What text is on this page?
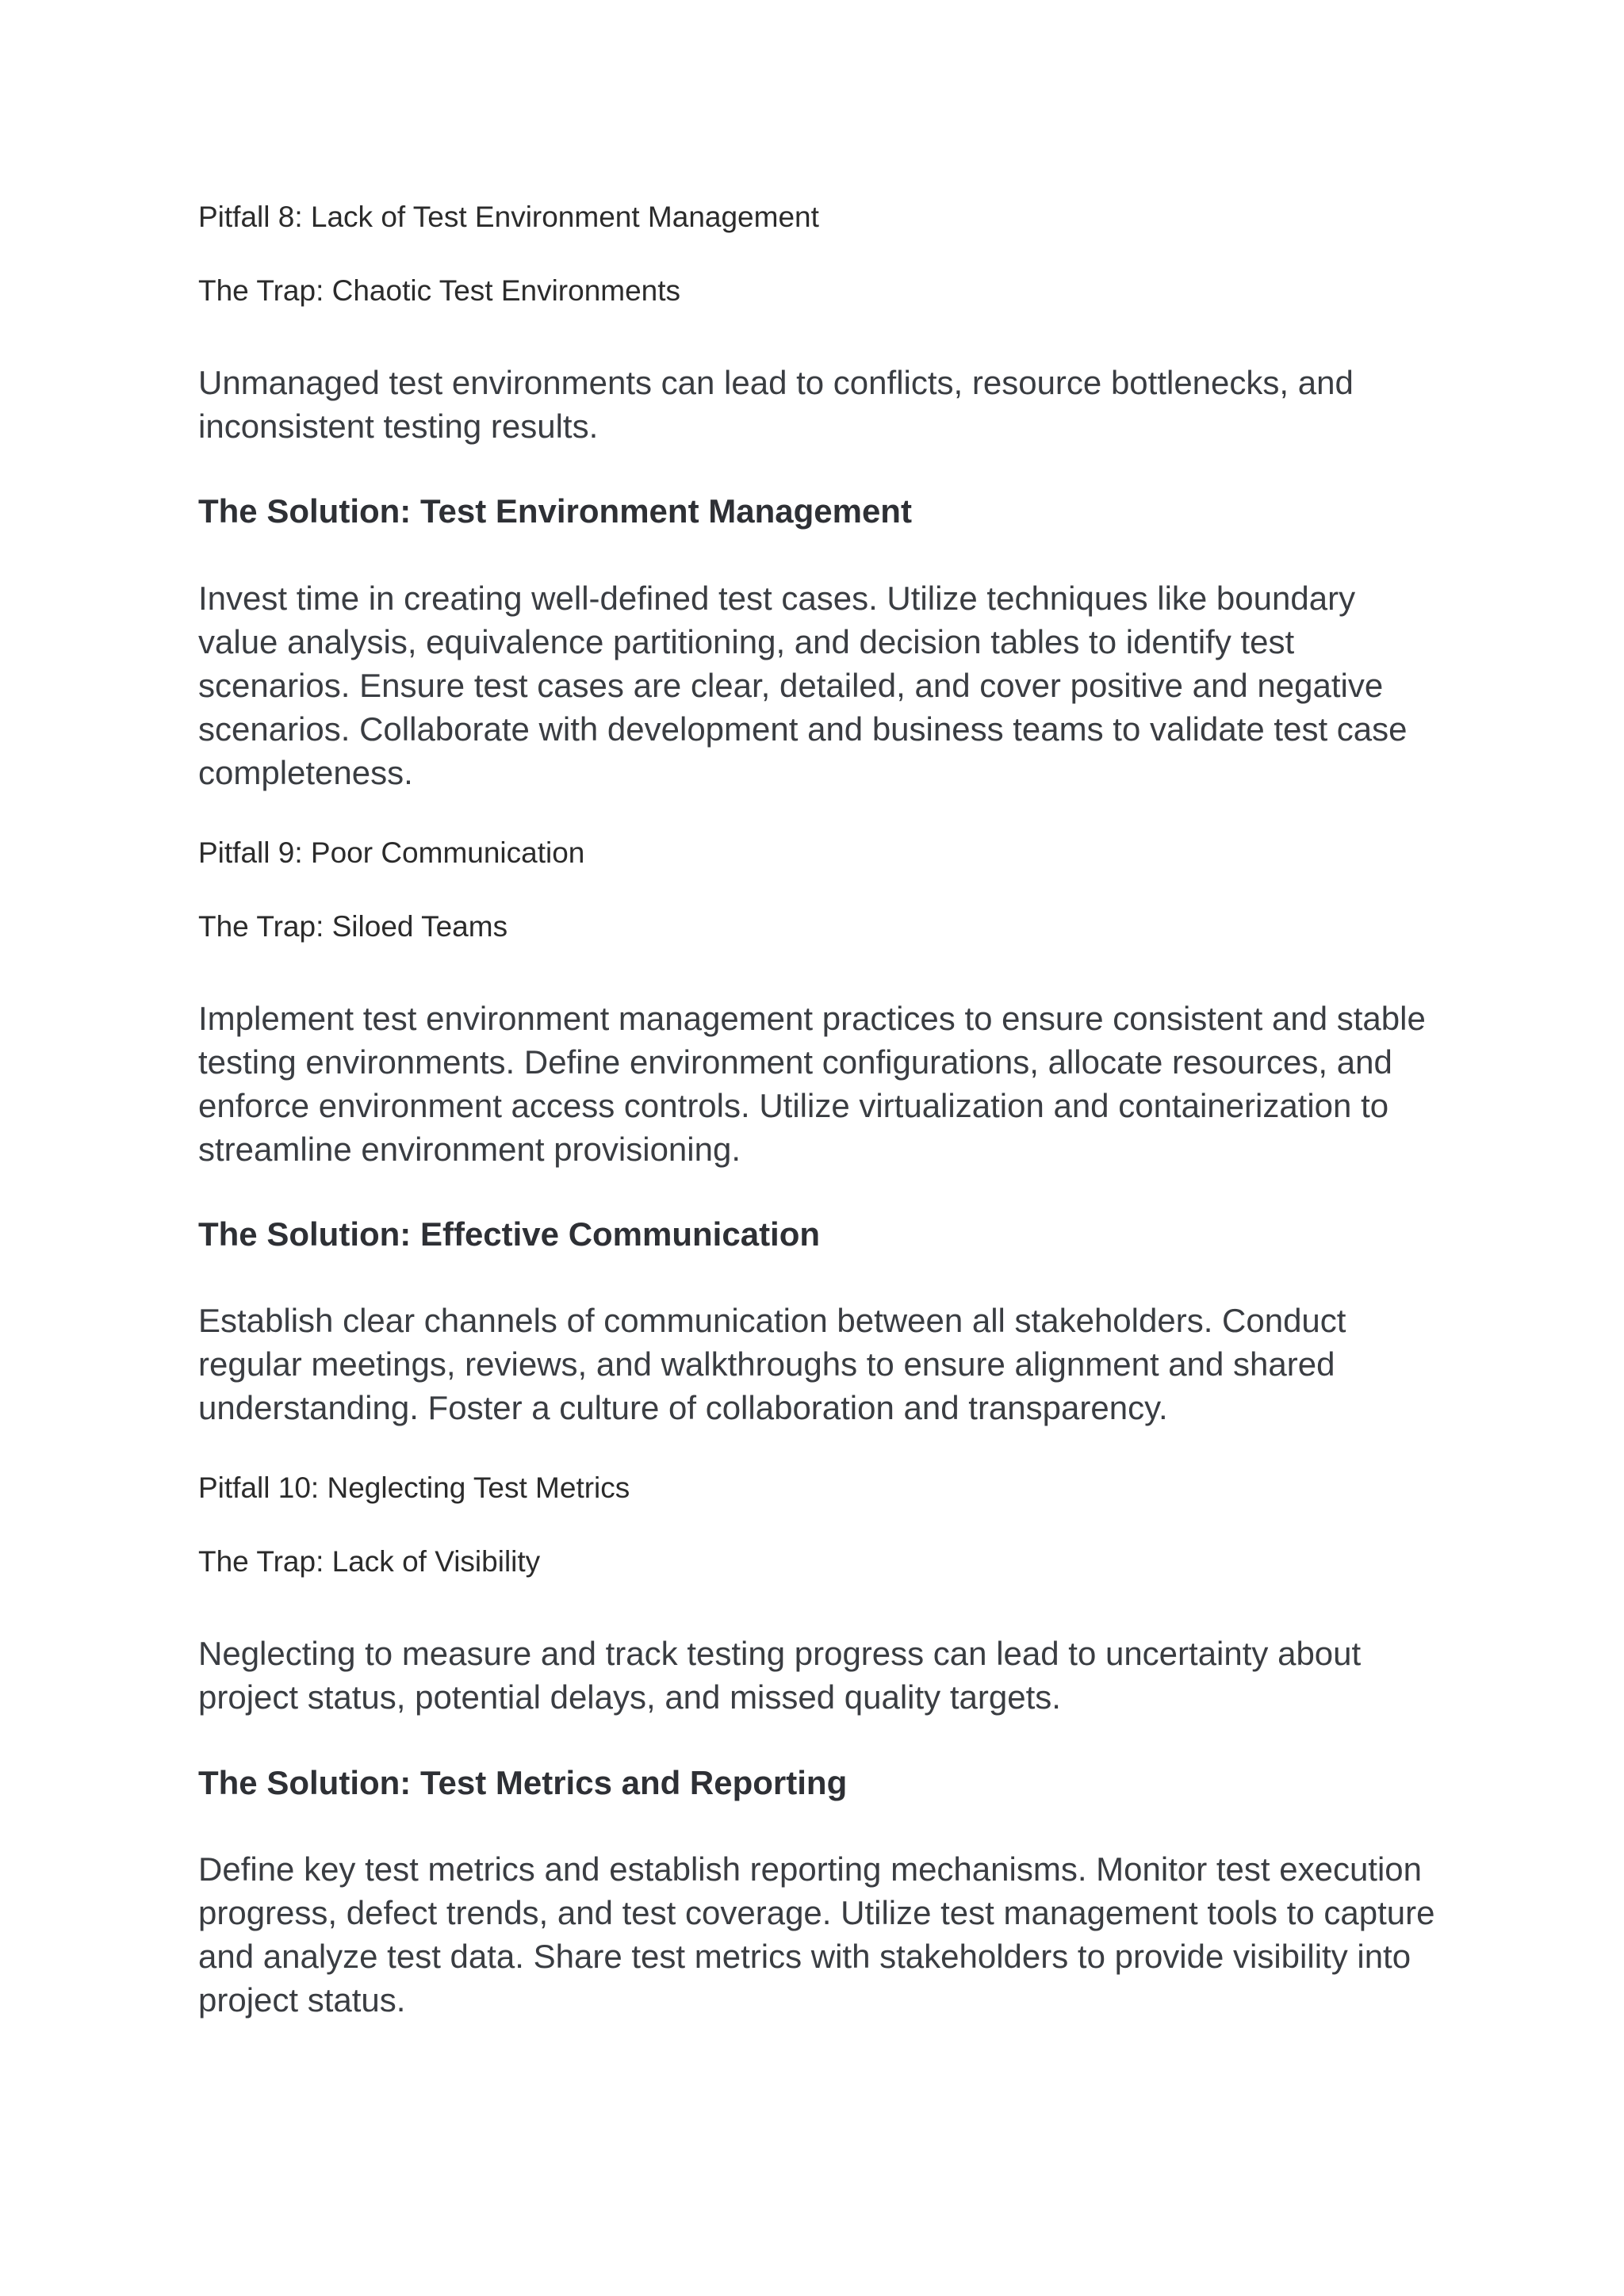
Pitfall 8: Lack of Test Environment Management

The Trap: Chaotic Test Environments

Unmanaged test environments can lead to conflicts, resource bottlenecks, and inconsistent testing results.

The Solution: Test Environment Management

Invest time in creating well-defined test cases. Utilize techniques like boundary value analysis, equivalence partitioning, and decision tables to identify test scenarios. Ensure test cases are clear, detailed, and cover positive and negative scenarios. Collaborate with development and business teams to validate test case completeness.

Pitfall 9: Poor Communication

The Trap: Siloed Teams

Implement test environment management practices to ensure consistent and stable testing environments. Define environment configurations, allocate resources, and enforce environment access controls. Utilize virtualization and containerization to streamline environment provisioning.

The Solution: Effective Communication

Establish clear channels of communication between all stakeholders. Conduct regular meetings, reviews, and walkthroughs to ensure alignment and shared understanding. Foster a culture of collaboration and transparency.

Pitfall 10: Neglecting Test Metrics

The Trap: Lack of Visibility

Neglecting to measure and track testing progress can lead to uncertainty about project status, potential delays, and missed quality targets.

The Solution: Test Metrics and Reporting

Define key test metrics and establish reporting mechanisms. Monitor test execution progress, defect trends, and test coverage. Utilize test management tools to capture and analyze test data. Share test metrics with stakeholders to provide visibility into project status.
